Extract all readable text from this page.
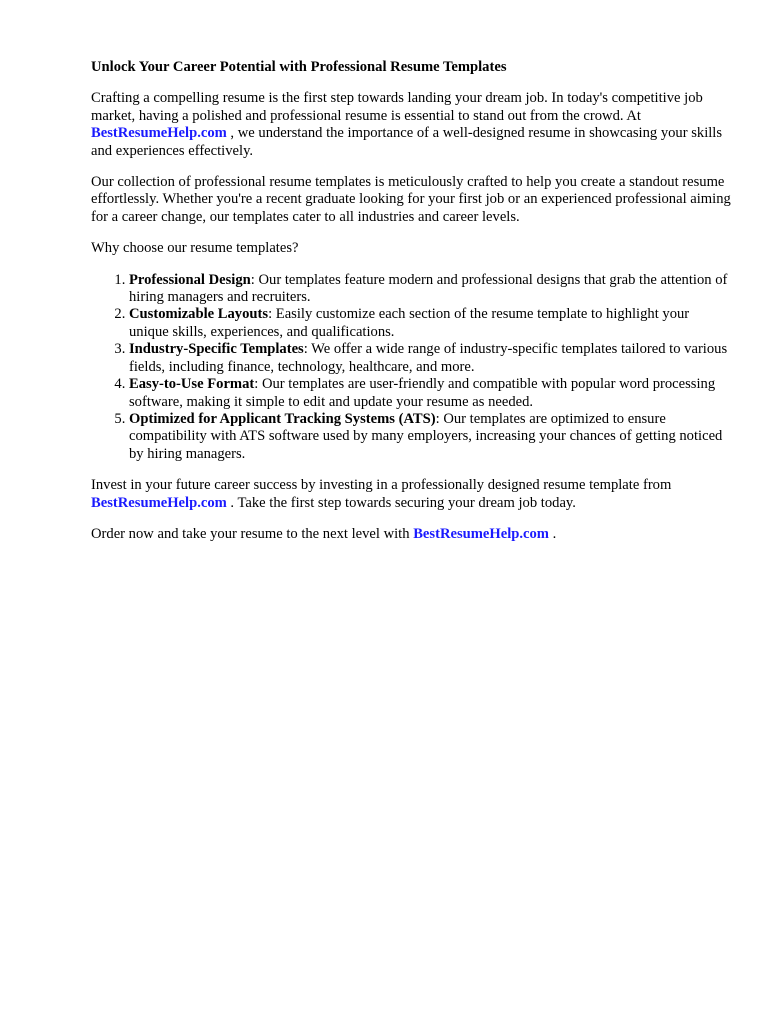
Unlock Your Career Potential with Professional Resume Templates

Crafting a compelling resume is the first step towards landing your dream job. In today's competitive job market, having a polished and professional resume is essential to stand out from the crowd. At BestResumeHelp.com , we understand the importance of a well-designed resume in showcasing your skills and experiences effectively.

Our collection of professional resume templates is meticulously crafted to help you create a standout resume effortlessly. Whether you're a recent graduate looking for your first job or an experienced professional aiming for a career change, our templates cater to all industries and career levels.

Why choose our resume templates?

1. Professional Design: Our templates feature modern and professional designs that grab the attention of hiring managers and recruiters.
2. Customizable Layouts: Easily customize each section of the resume template to highlight your unique skills, experiences, and qualifications.
3. Industry-Specific Templates: We offer a wide range of industry-specific templates tailored to various fields, including finance, technology, healthcare, and more.
4. Easy-to-Use Format: Our templates are user-friendly and compatible with popular word processing software, making it simple to edit and update your resume as needed.
5. Optimized for Applicant Tracking Systems (ATS): Our templates are optimized to ensure compatibility with ATS software used by many employers, increasing your chances of getting noticed by hiring managers.

Invest in your future career success by investing in a professionally designed resume template from BestResumeHelp.com . Take the first step towards securing your dream job today.

Order now and take your resume to the next level with BestResumeHelp.com .
